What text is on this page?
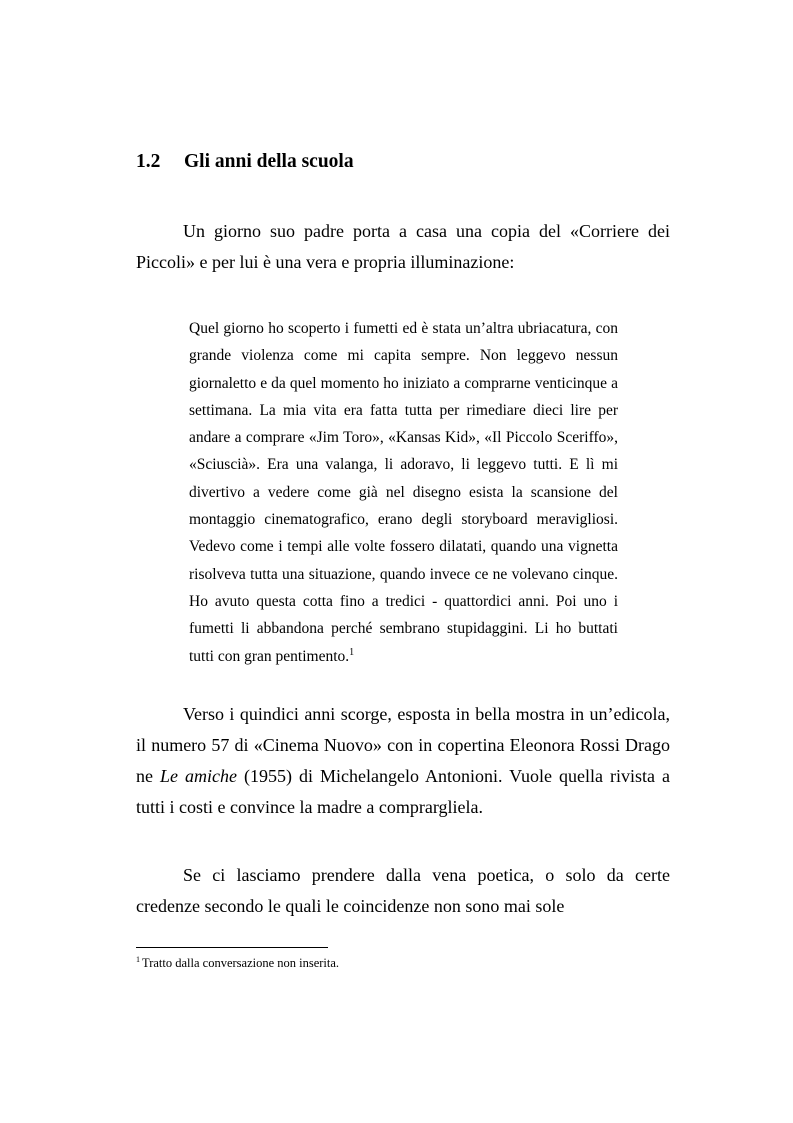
1.2 Gli anni della scuola

Un giorno suo padre porta a casa una copia del «Corriere dei Piccoli» e per lui è una vera e propria illuminazione:

Quel giorno ho scoperto i fumetti ed è stata un’altra ubriacatura, con grande violenza come mi capita sempre. Non leggevo nessun giornaletto e da quel momento ho iniziato a comprarne venticinque a settimana. La mia vita era fatta tutta per rimediare dieci lire per andare a comprare «Jim Toro», «Kansas Kid», «Il Piccolo Sceriffo», «Sciuscià». Era una valanga, li adoravo, li leggevo tutti. E lì mi divertivo a vedere come già nel disegno esista la scansione del montaggio cinematografico, erano degli storyboard meravigliosi. Vedevo come i tempi alle volte fossero dilatati, quando una vignetta risolveva tutta una situazione, quando invece ce ne volevano cinque. Ho avuto questa cotta fino a tredici - quattordici anni. Poi uno i fumetti li abbandona perché sembrano stupidaggini. Li ho buttati tutti con gran pentimento.$^1$

Verso i quindici anni scorge, esposta in bella mostra in un’edicola, il numero 57 di «Cinema Nuovo» con in copertina Eleonora Rossi Drago ne Le amiche (1955) di Michelangelo Antonioni. Vuole quella rivista a tutti i costi e convince la madre a comprargliela.

Se ci lasciamo prendere dalla vena poetica, o solo da certe credenze secondo le quali le coincidenze non sono mai sole

$^1$ Tratto dalla conversazione non inserita.
